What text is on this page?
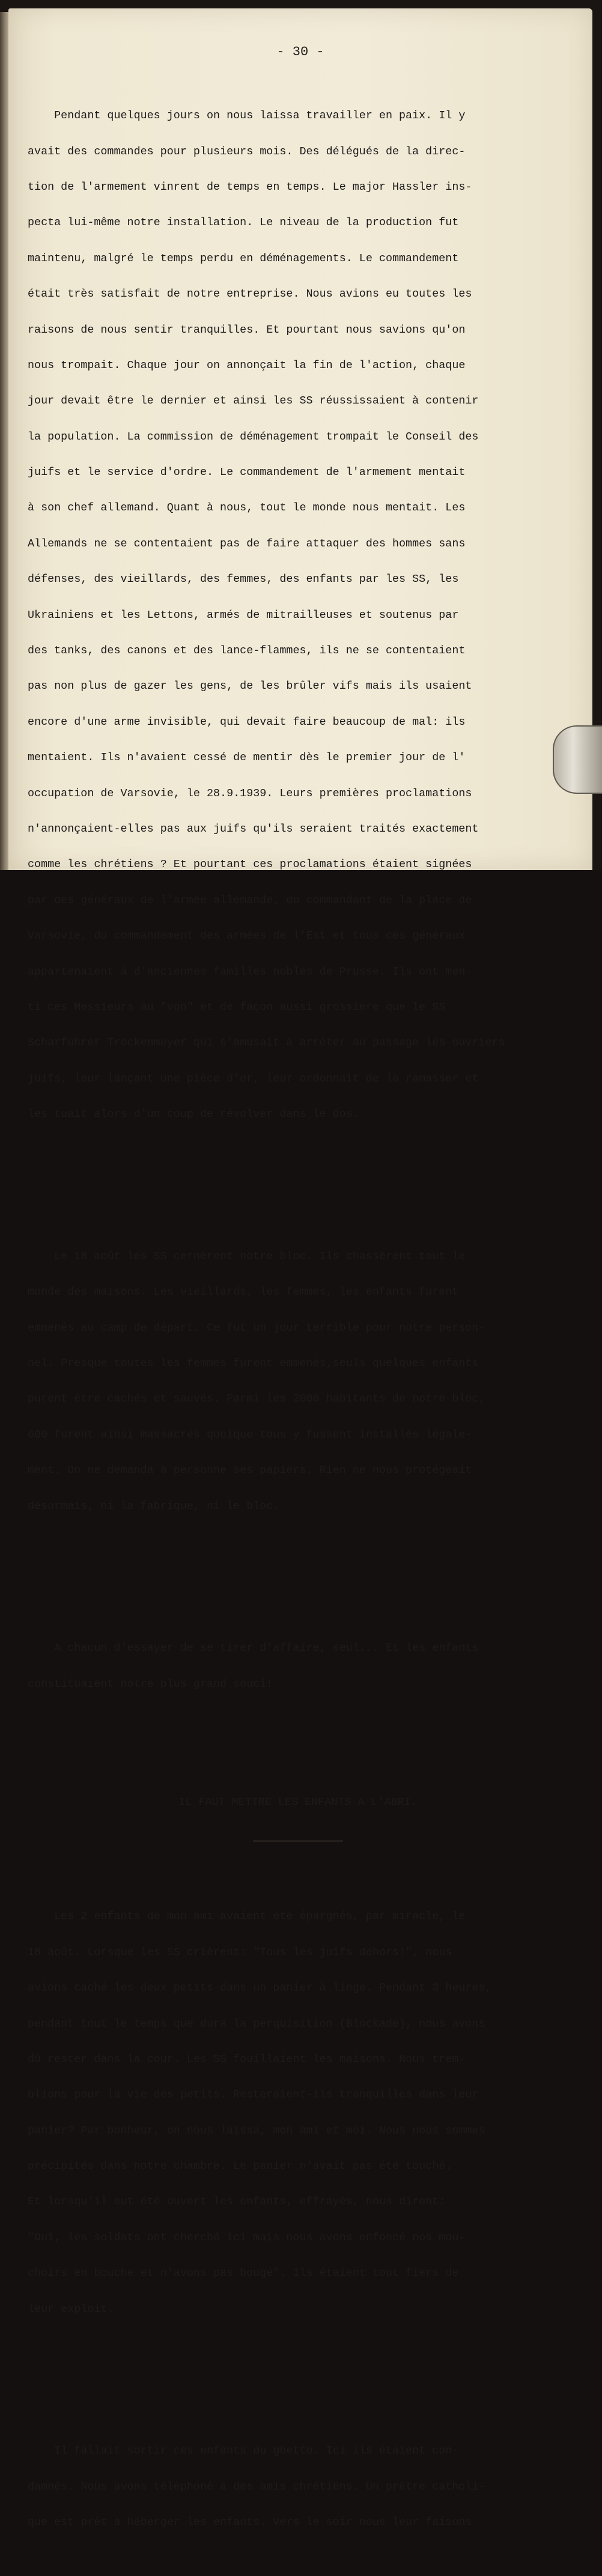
- 30 -

Pendant quelques jours on nous laissa travailler en paix. Il y

avait des commandes pour plusieurs mois. Des délégués de la direc-

tion de l'armement vinrent de temps en temps. Le major Hassler ins-

pecta lui-même notre installation. Le niveau de la production fut

maintenu, malgré le temps perdu en déménagements. Le commandement

était très satisfait de notre entreprise. Nous avions eu toutes les

raisons de nous sentir tranquilles. Et pourtant nous savions qu'on

nous trompait. Chaque jour on annonçait la fin de l'action, chaque

jour devait être le dernier et ainsi les SS réussissaient à contenir

la population. La commission de déménagement trompait le Conseil des

juifs et le service d'ordre. Le commandement de l'armement mentait

à son chef allemand. Quant à nous, tout le monde nous mentait. Les

Allemands ne se contentaient pas de faire attaquer des hommes sans

défenses, des vieillards, des femmes, des enfants par les SS, les

Ukrainiens et les Lettons, armés de mitrailleuses et soutenus par

des tanks, des canons et des lance-flammes, ils ne se contentaient

pas non plus de gazer les gens, de les brûler vifs mais ils usaient

encore d'une arme invisible, qui devait faire beaucoup de mal: ils

mentaient. Ils n'avaient cessé de mentir dès le premier jour de l'

occupation de Varsovie, le 28.9.1939. Leurs premières proclamations

n'annonçaient-elles pas aux juifs qu'ils seraient traités exactement

comme les chrétiens ? Et pourtant ces proclamations étaient signées

par des généraux de l'armée allemande, du commandant de la place de

Varsovie, du commandement des armées de l'Est et tous ces généraux

appartenaient à d'anciennes familles nobles de Prusse. Ils ont men-

ti ces Messieurs au "von" et de façon aussi grossiere que le SS

Scharführer Trockenmeyer qui s'amusait à arrêter au passage les ouvriers

juifs, leur lançant une pièce d'or, leur ordonnait de la ramasser et

les tuait alors d'un coup de révolver dans le dos.

Le 18 août les SS cernèrent notre bloc. Ils chassèrent tout le

monde des maisons. Les vieillards, les femmes, les enfants furent

emmenés au camp de départ. Ce fut un jour terrible pour notre person-

nel. Presque toutes les femmes furent emmenés,seuls quelques enfants

purent être cachés et sauvés. Parmi les 2000 habitants de notre bloc,

600 furent ainsi massacrés quoique tous y fussent installés légale-

ment. On ne demanda à personne ses papiers. Rien ne nous protégeait

désormais, ni la fabrique, ni le bloc.

A chacun d'essayer de se tirer d'affaire, seul... Et les enfants

constituaient notre plus grand souci!

IL FAUT METTRE LES ENFANTS A L'ABRI.

Les 2 enfants de mon ami avaient été épargnés, par miracle, le

18 août. Lorsque les SS crièrent: "Tous les juifs dehors!", nous

avions caché les deux petits dans un panier à linge. Pendant 3 heures,

pendant tout le temps que dura la perquisition (Blockade), nous avons

dû rester dans la cour. Les SS fouillaient les maisons. Nous trem-

blions pour la vie des petits. Resteraient-ils tranquilles dans leur

panier? Par bonheur, on nous laissa, mon ami et moi. Nous nous sommes

précipités dans notre chambre. Le panier n'avait pas été touché.

Et lorsqu'il eut été ouvert les enfants, effrayés, nous dirent:

"Oui, les soldats ont cherché ici mais nous avons enfoncé nos mou-

choirs en bouche et n'avons pas bougé". Ils étaient tout fiers de

leur exploit.

Il fallait sortir ces enfants du ghetto. Ici ils étaient con-

damnés. Nous avons téléphoné à des amis chrétiens. Un prêtre catholi-

que est prêt à héberger les enfants. Vers le soir nous leur faisons
